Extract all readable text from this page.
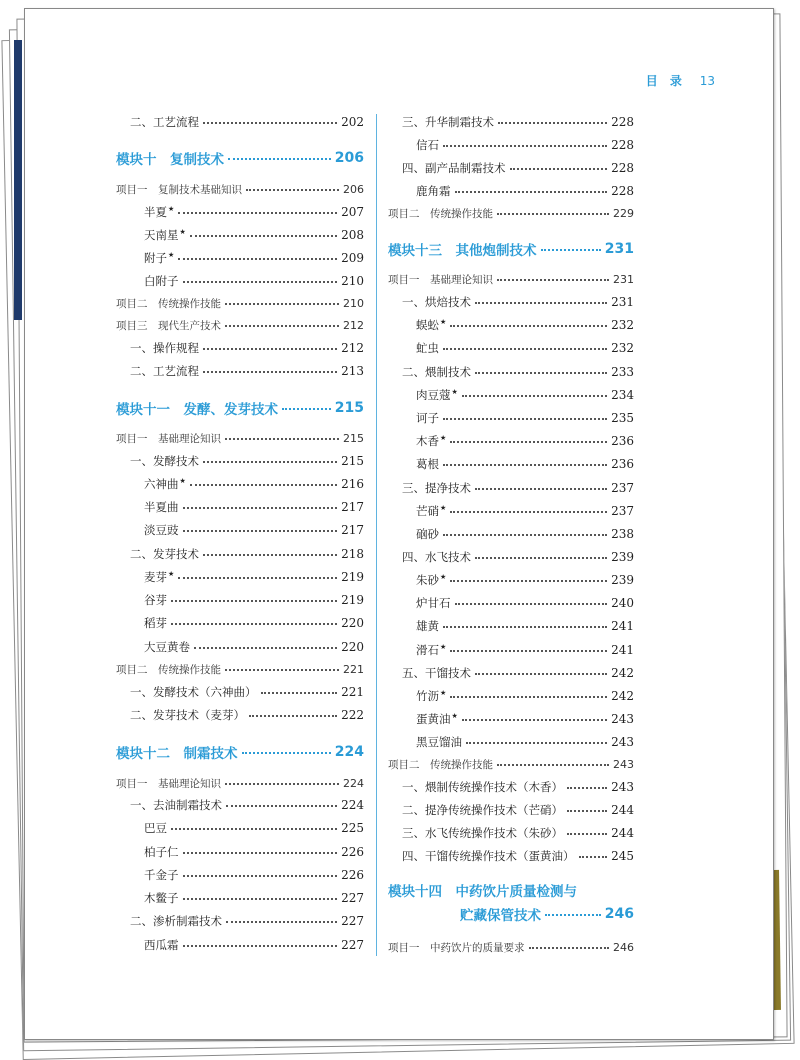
目 录 13
二、工艺流程	202
模块十　复制技术	206
项目一　复制技术基础知识	206
半夏★	207
天南星★	208
附子★	209
白附子	210
项目二　传统操作技能	210
项目三　现代生产技术	212
一、操作规程	212
二、工艺流程	213
模块十一　发酵、发芽技术	215
项目一　基础理论知识	215
一、发酵技术	215
六神曲★	216
半夏曲	217
淡豆豉	217
二、发芽技术	218
麦芽★	219
谷芽	219
稻芽	220
大豆黄卷	220
项目二　传统操作技能	221
一、发酵技术（六神曲）	221
二、发芽技术（麦芽）	222
模块十二　制霜技术	224
项目一　基础理论知识	224
一、去油制霜技术	224
巴豆	225
柏子仁	226
千金子	226
木鳖子	227
二、渗析制霜技术	227
西瓜霜	227
模块十四　中药饮片质量检测与
贮藏保管技术	246
项目一　中药饮片的质量要求	246
三、升华制霜技术	228
信石	228
四、副产品制霜技术	228
鹿角霜	228
项目二　传统操作技能	229
模块十三　其他炮制技术	231
项目一　基础理论知识	231
一、烘焙技术	231
蜈蚣★	232
虻虫	232
二、煨制技术	233
肉豆蔻★	234
诃子	235
木香★	236
葛根	236
三、提净技术	237
芒硝★	237
硇砂	238
四、水飞技术	239
朱砂★	239
炉甘石	240
雄黄	241
滑石★	241
五、干馏技术	242
竹沥★	242
蛋黄油★	243
黑豆馏油	243
项目二　传统操作技能	243
一、煨制传统操作技术（木香）	243
二、提净传统操作技术（芒硝）	244
三、水飞传统操作技术（朱砂）	244
四、干馏传统操作技术（蛋黄油）	245
